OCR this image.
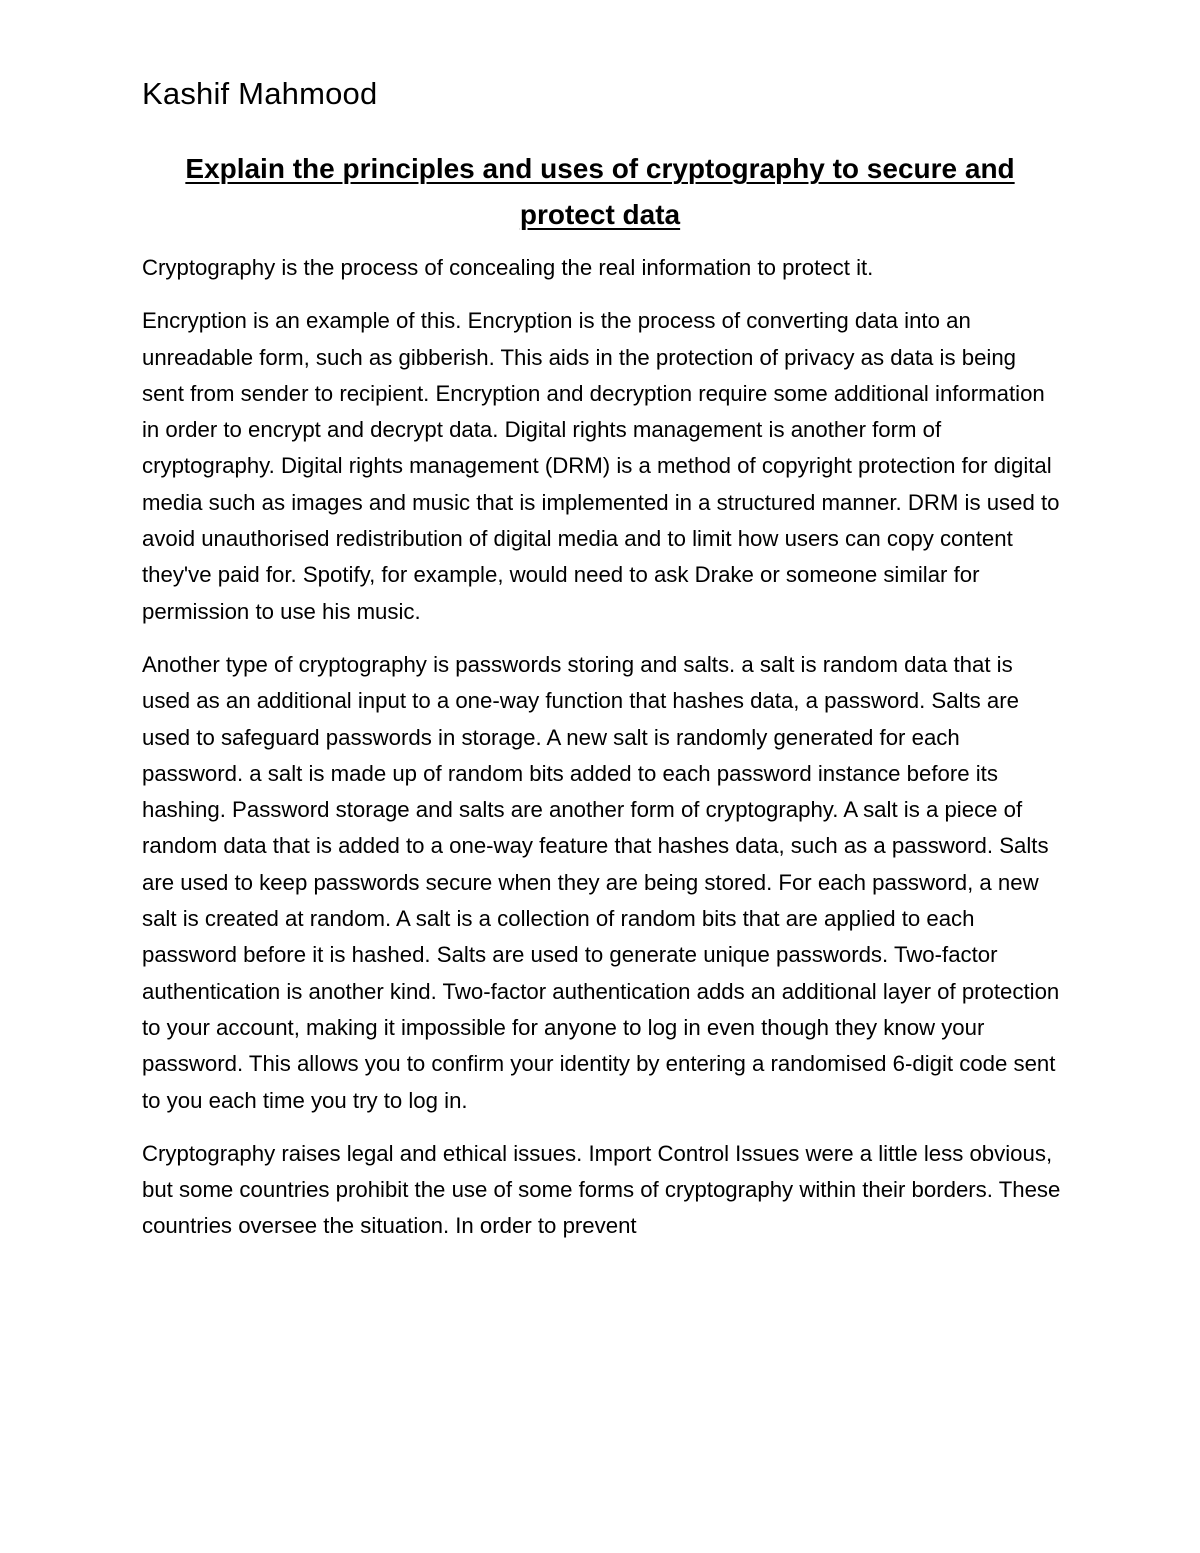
Kashif Mahmood
Explain the principles and uses of cryptography to secure and protect data

Cryptography is the process of concealing the real information to protect it.

Encryption is an example of this. Encryption is the process of converting data into an unreadable form, such as gibberish. This aids in the protection of privacy as data is being sent from sender to recipient. Encryption and decryption require some additional information in order to encrypt and decrypt data. Digital rights management is another form of cryptography. Digital rights management (DRM) is a method of copyright protection for digital media such as images and music that is implemented in a structured manner. DRM is used to avoid unauthorised redistribution of digital media and to limit how users can copy content they've paid for. Spotify, for example, would need to ask Drake or someone similar for permission to use his music.

Another type of cryptography is passwords storing and salts. a salt is random data that is used as an additional input to a one-way function that hashes data, a password. Salts are used to safeguard passwords in storage. A new salt is randomly generated for each password. a salt is made up of random bits added to each password instance before its hashing. Password storage and salts are another form of cryptography. A salt is a piece of random data that is added to a one-way feature that hashes data, such as a password. Salts are used to keep passwords secure when they are being stored. For each password, a new salt is created at random. A salt is a collection of random bits that are applied to each password before it is hashed. Salts are used to generate unique passwords. Two-factor authentication is another kind. Two-factor authentication adds an additional layer of protection to your account, making it impossible for anyone to log in even though they know your password. This allows you to confirm your identity by entering a randomised 6-digit code sent to you each time you try to log in.

Cryptography raises legal and ethical issues. Import Control Issues were a little less obvious, but some countries prohibit the use of some forms of cryptography within their borders. These countries oversee the situation. In order to prevent
